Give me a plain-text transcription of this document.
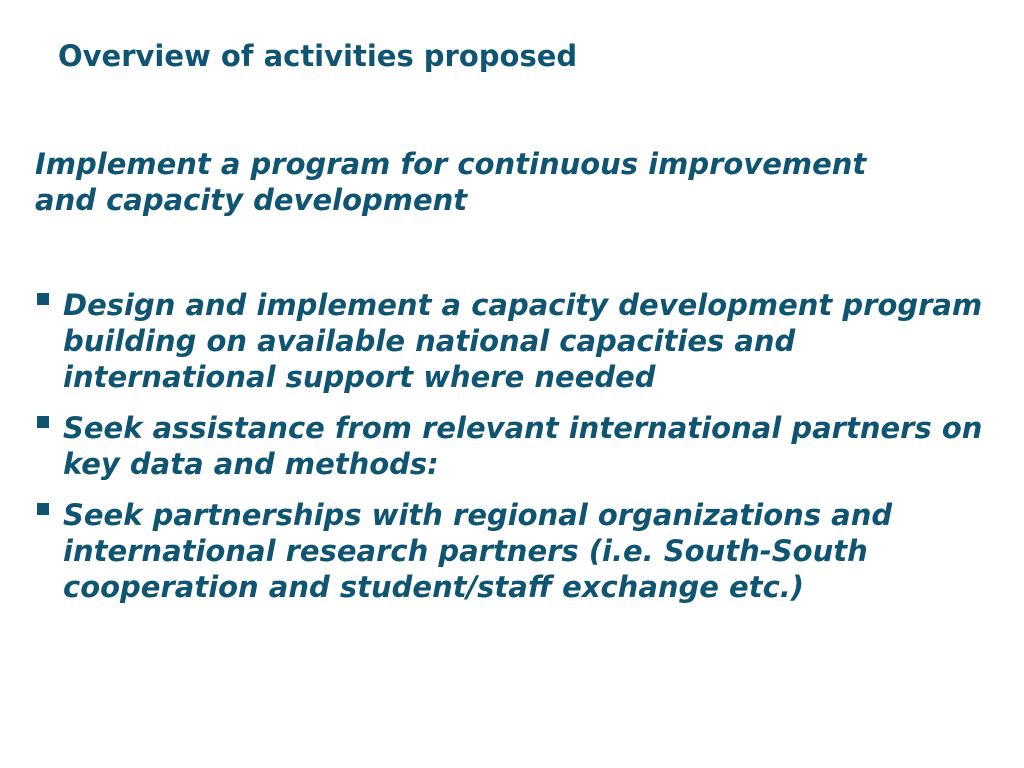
Overview of activities proposed

Implement a program for continuous improvement and capacity development

Design and implement a capacity development program building on available national capacities and international support where needed
Seek assistance from relevant international partners on key data and methods:
Seek partnerships with regional organizations and international research partners (i.e. South-South cooperation and student/staff exchange etc.)
